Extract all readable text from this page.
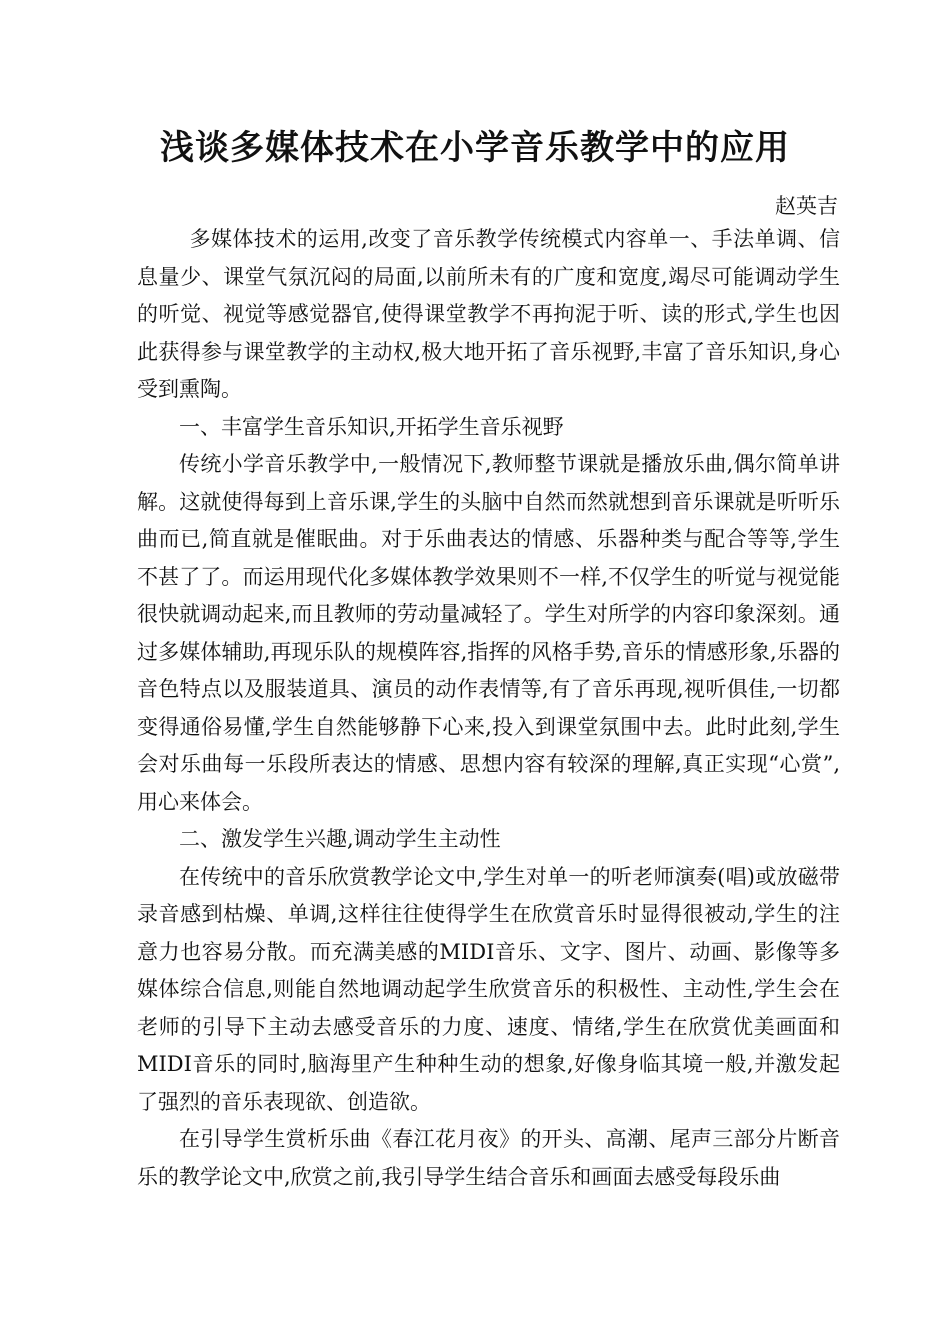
浅谈多媒体技术在小学音乐教学中的应用

赵英吉

多媒体技术的运用,改变了音乐教学传统模式内容单一、手法单调、信息量少、课堂气氛沉闷的局面,以前所未有的广度和宽度,竭尽可能调动学生的听觉、视觉等感觉器官,使得课堂教学不再拘泥于听、读的形式,学生也因此获得参与课堂教学的主动权,极大地开拓了音乐视野,丰富了音乐知识,身心受到熏陶。

一、丰富学生音乐知识,开拓学生音乐视野

传统小学音乐教学中,一般情况下,教师整节课就是播放乐曲,偶尔简单讲解。这就使得每到上音乐课,学生的头脑中自然而然就想到音乐课就是听听乐曲而已,简直就是催眠曲。对于乐曲表达的情感、乐器种类与配合等等,学生不甚了了。而运用现代化多媒体教学效果则不一样,不仅学生的听觉与视觉能很快就调动起来,而且教师的劳动量减轻了。学生对所学的内容印象深刻。通过多媒体辅助,再现乐队的规模阵容,指挥的风格手势,音乐的情感形象,乐器的音色特点以及服装道具、演员的动作表情等,有了音乐再现,视听俱佳,一切都变得通俗易懂,学生自然能够静下心来,投入到课堂氛围中去。此时此刻,学生会对乐曲每一乐段所表达的情感、思想内容有较深的理解,真正实现“心赏”,用心来体会。

二、激发学生兴趣,调动学生主动性

在传统中的音乐欣赏教学论文中,学生对单一的听老师演奏(唱)或放磁带录音感到枯燥、单调,这样往往使得学生在欣赏音乐时显得很被动,学生的注意力也容易分散。而充满美感的MIDI音乐、文字、图片、动画、影像等多媒体综合信息,则能自然地调动起学生欣赏音乐的积极性、主动性,学生会在老师的引导下主动去感受音乐的力度、速度、情绪,学生在欣赏优美画面和MIDI音乐的同时,脑海里产生种种生动的想象,好像身临其境一般,并激发起了强烈的音乐表现欲、创造欲。

在引导学生赏析乐曲《春江花月夜》的开头、高潮、尾声三部分片断音乐的教学论文中,欣赏之前,我引导学生结合音乐和画面去感受每段乐曲
